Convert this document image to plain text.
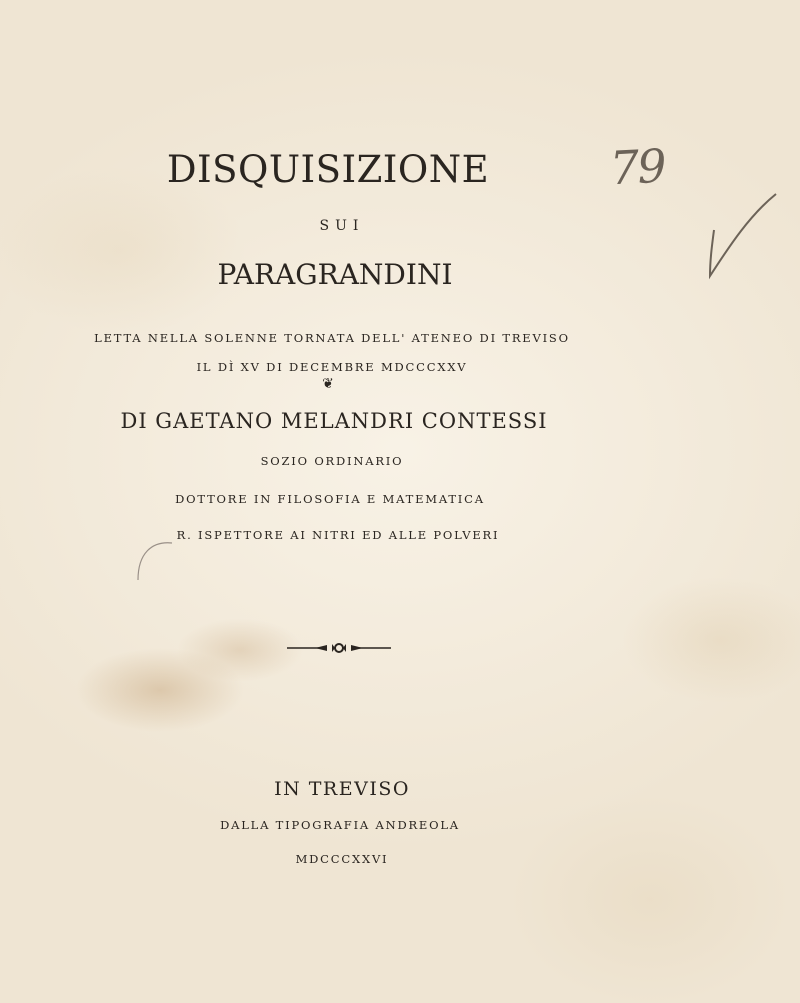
DISQUISIZIONE
SUI
PARAGRANDINI
LETTA NELLA SOLENNE TORNATA DELL' ATENEO DI TREVISO
IL DÌ XV DI DECEMBRE MDCCCXXV
❦
DI GAETANO MELANDRI CONTESSI
SOZIO ORDINARIO
DOTTORE IN FILOSOFIA E MATEMATICA
R. ISPETTORE AI NITRI ED ALLE POLVERI
IN TREVISO
DALLA TIPOGRAFIA ANDREOLA
MDCCCXXVI
79
